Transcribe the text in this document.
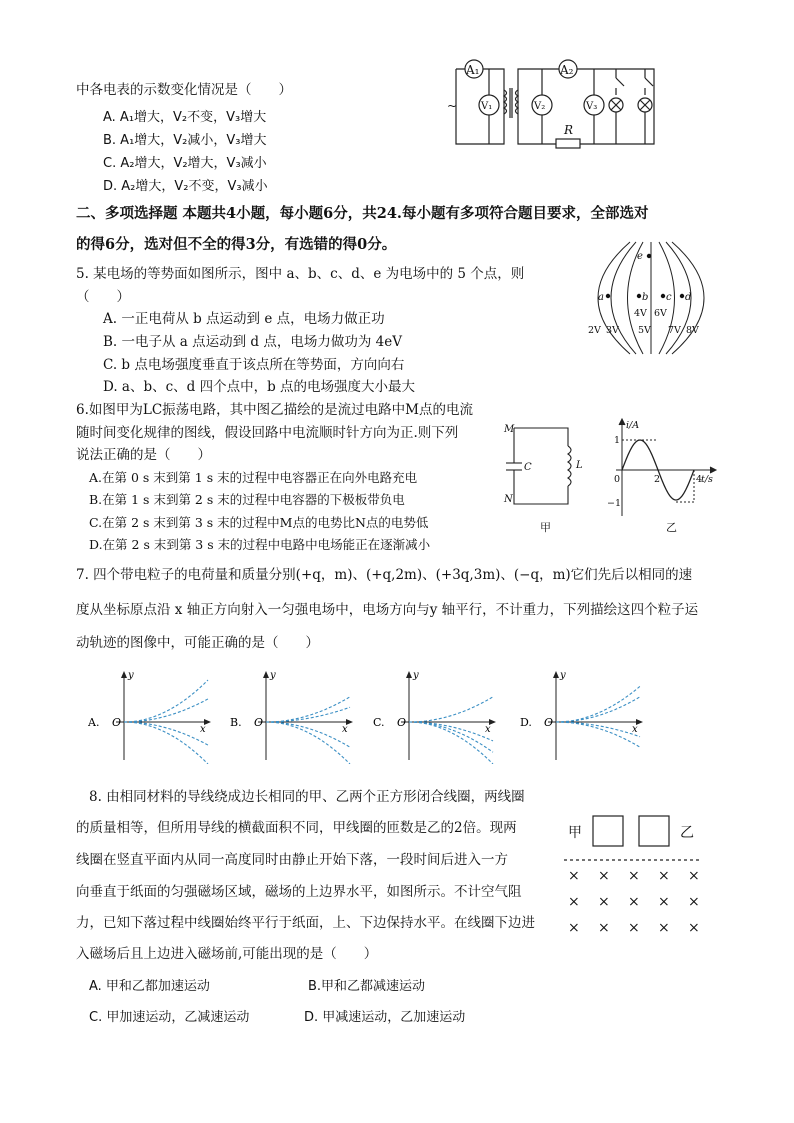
中各电表的示数变化情况是（　　）
A. A₁增大，V₂不变，V₃增大
B. A₁增大，V₂减小，V₃增大
C. A₂增大，V₂增大，V₃减小
D. A₂增大，V₂不变，V₃减小
A₁	A₂
V₁	V₂	V₃
R
~
二、多项选择题 本题共4小题，每小题6分，共24.每小题有多项符合题目要求，全部选对
的得6分，选对但不全的得3分，有选错的得0分。
5. 某电场的等势面如图所示，图中 a、b、c、d、e 为电场中的 5 个点，则
（　　）
A. 一正电荷从 b 点运动到 e 点，电场力做正功
B. 一电子从 a 点运动到 d 点，电场力做功为 4eV
C. b 点电场强度垂直于该点所在等势面，方向向右
D. a、b、c、d 四个点中，b 点的电场强度大小最大
a	b c d
e
4V 6V
2V 3V 5V 7V 8V
6.如图甲为LC振荡电路，其中图乙描绘的是流过电路中M点的电流
随时间变化规律的图线，假设回路中电流顺时针方向为正.则下列
说法正确的是（　　）
A.在第 0 s 末到第 1 s 末的过程中电容器正在向外电路充电
B.在第 1 s 末到第 2 s 末的过程中电容器的下极板带负电
C.在第 2 s 末到第 3 s 末的过程中M点的电势比N点的电势低
D.在第 2 s 末到第 3 s 末的过程中电路中电场能正在逐渐减小
M
N
C	L
甲
i/A
t/s
1
−1
0	2	4
乙
7. 四个带电粒子的电荷量和质量分别(+q，m)、(+q,2m)、(+3q,3m)、(−q，m)它们先后以相同的速
度从坐标原点沿 x 轴正方向射入一匀强电场中，电场方向与y 轴平行，不计重力，下列描绘这四个粒子运
动轨迹的图像中，可能正确的是（　　）
A. O
x
y
B. O
x
y
C. O
x
y
D. O
x
y
8. 由相同材料的导线绕成边长相同的甲、乙两个正方形闭合线圈，两线圈
的质量相等，但所用导线的横截面积不同，甲线圈的匝数是乙的2倍。现两
线圈在竖直平面内从同一高度同时由静止开始下落，一段时间后进入一方
向垂直于纸面的匀强磁场区域，磁场的上边界水平，如图所示。不计空气阻
力，已知下落过程中线圈始终平行于纸面，上、下边保持水平。在线圈下边进
入磁场后且上边进入磁场前,可能出现的是（　　）
A. 甲和乙都加速运动	B.甲和乙都减速运动
C. 甲加速运动，乙减速运动	D. 甲减速运动，乙加速运动
甲	乙
× × × × ×
× × × × ×
× × × × ×
